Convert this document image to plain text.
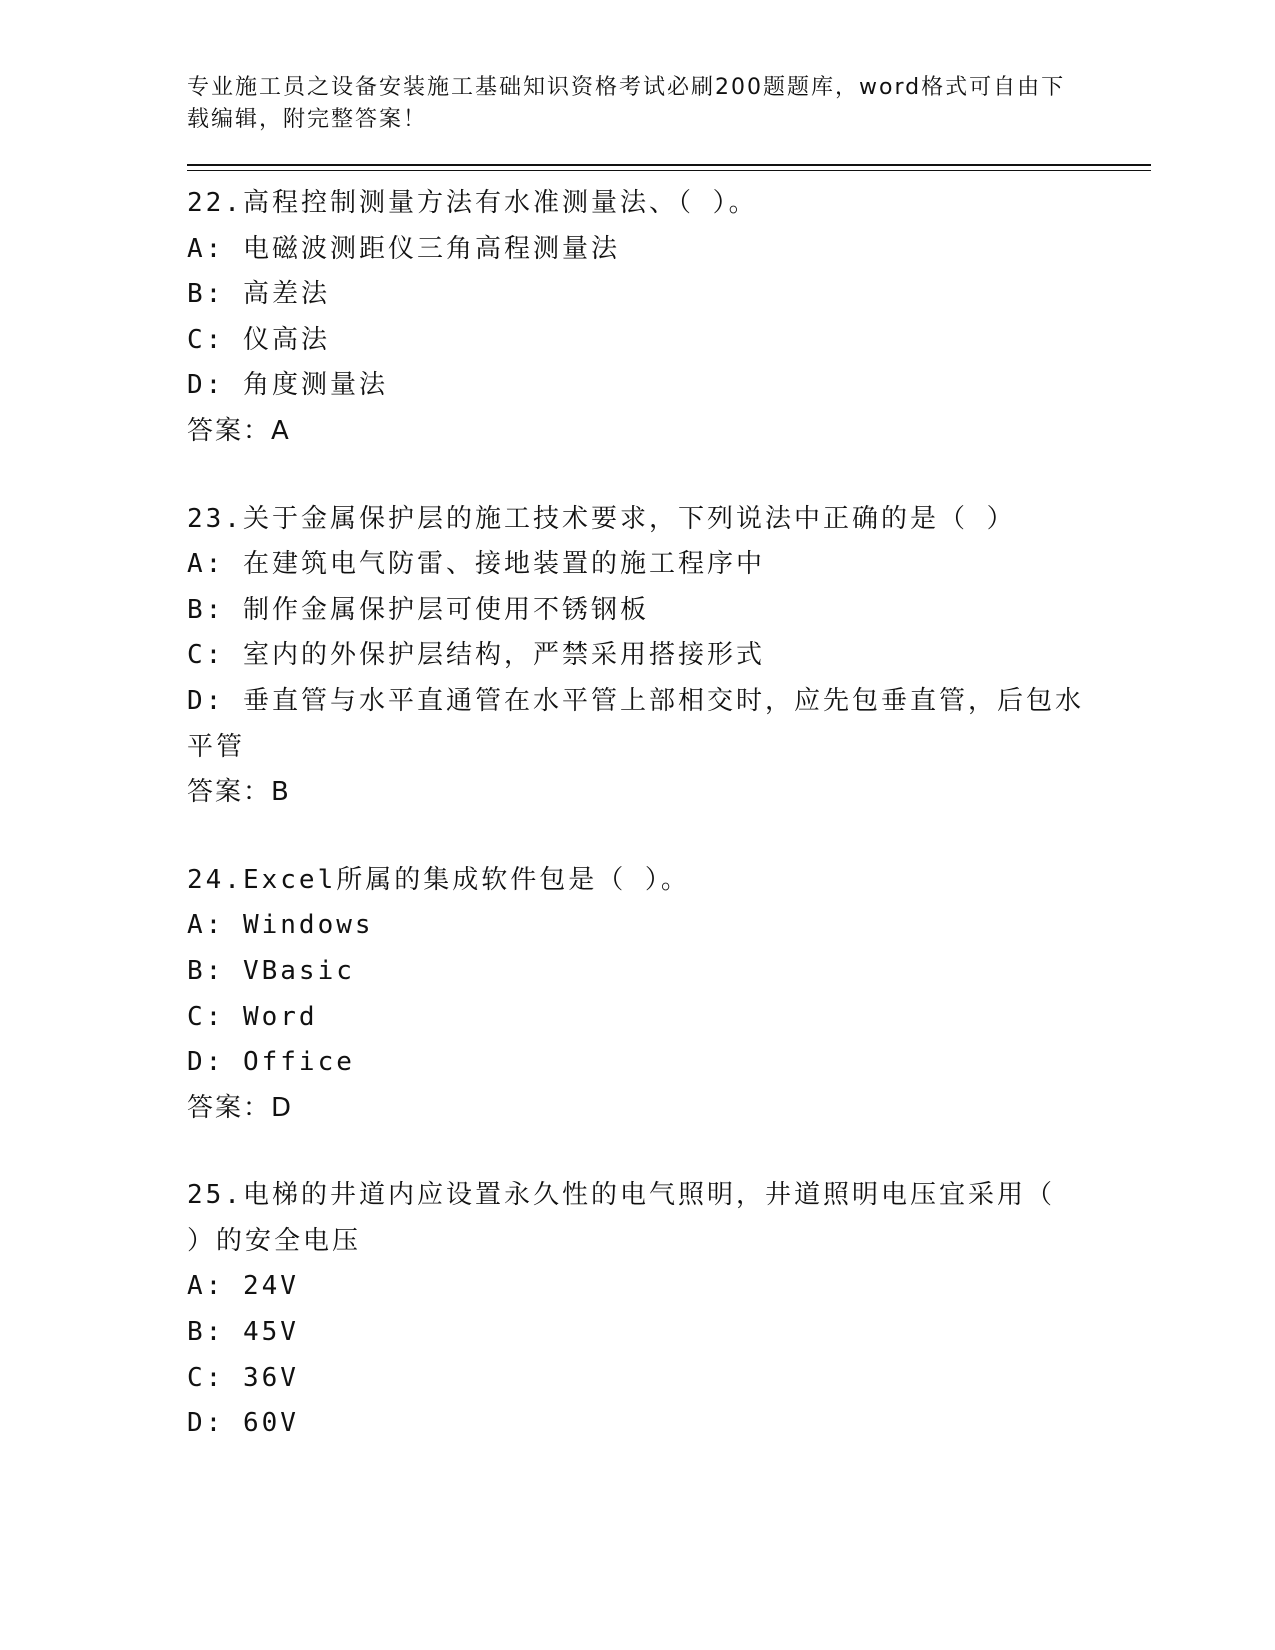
专业施工员之设备安装施工基础知识资格考试必刷200题题库，word格式可自由下载编辑，附完整答案！

22.高程控制测量方法有水准测量法、（ ）。

A: 电磁波测距仪三角高程测量法

B: 高差法

C: 仪高法

D: 角度测量法

答案：A

23.关于金属保护层的施工技术要求，下列说法中正确的是（ ）

A: 在建筑电气防雷、接地装置的施工程序中

B: 制作金属保护层可使用不锈钢板

C: 室内的外保护层结构，严禁采用搭接形式

D: 垂直管与水平直通管在水平管上部相交时，应先包垂直管，后包水平管

答案：B

24.Excel所属的集成软件包是（ ）。

A: Windows

B: VBasic

C: Word

D: Office

答案：D

25.电梯的井道内应设置永久性的电气照明，井道照明电压宜采用（ ）的安全电压

A: 24V

B: 45V

C: 36V

D: 60V
